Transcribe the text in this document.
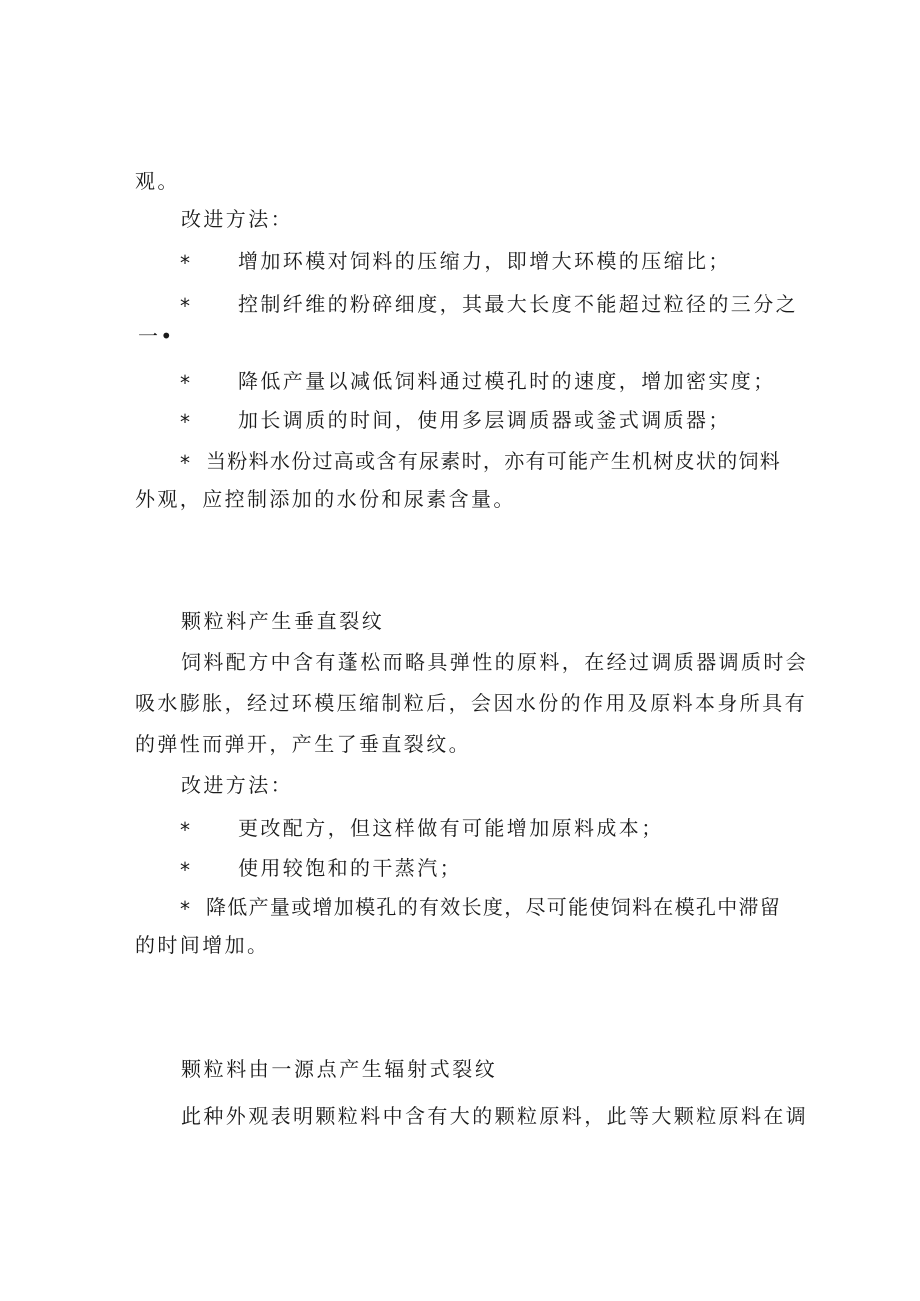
观。
改进方法：
* 增加环模对饲料的压缩力，即增大环模的压缩比；
* 控制纤维的粉碎细度，其最大长度不能超过粒径的三分之
一•
* 降低产量以减低饲料通过模孔时的速度，增加密实度；
* 加长调质的时间，使用多层调质器或釜式调质器；
* 当粉料水份过高或含有尿素时，亦有可能产生机树皮状的饲料
外观，应控制添加的水份和尿素含量。
颗粒料产生垂直裂纹
饲料配方中含有蓬松而略具弹性的原料，在经过调质器调质时会
吸水膨胀，经过环模压缩制粒后，会因水份的作用及原料本身所具有
的弹性而弹开，产生了垂直裂纹。
改进方法：
* 更改配方，但这样做有可能增加原料成本；
* 使用较饱和的干蒸汽；
* 降低产量或增加模孔的有效长度，尽可能使饲料在模孔中滞留
的时间增加。
颗粒料由一源点产生辐射式裂纹
此种外观表明颗粒料中含有大的颗粒原料，此等大颗粒原料在调
